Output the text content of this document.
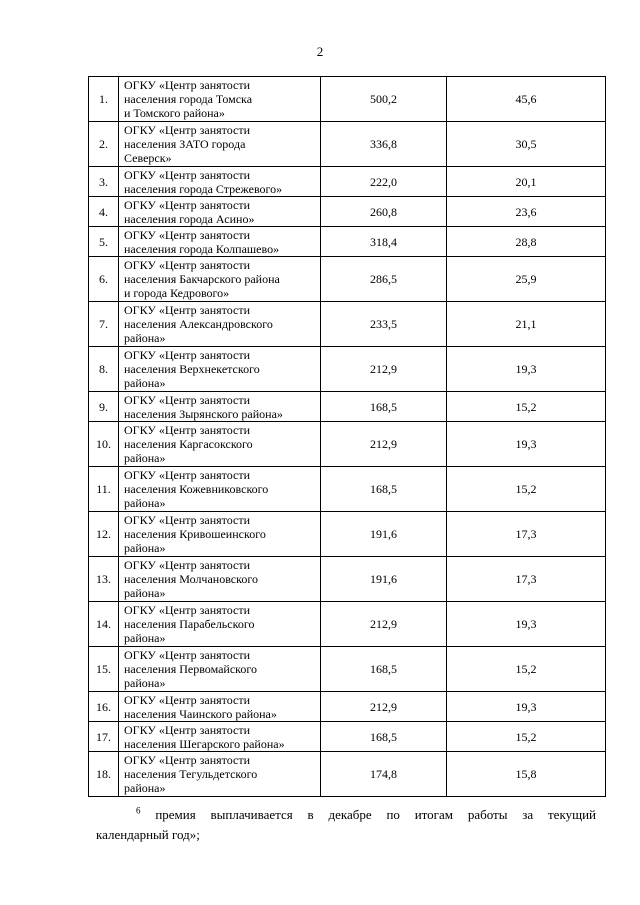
2
1.	ОГКУ «Центр занятости
населения города Томска
и Томского района»	500,2	45,6
2.	ОГКУ «Центр занятости
населения ЗАТО города
Северск»	336,8	30,5
3.	ОГКУ «Центр занятости
населения города Стрежевого»	222,0	20,1
4.	ОГКУ «Центр занятости
населения города Асино»	260,8	23,6
5.	ОГКУ «Центр занятости
населения города Колпашево»	318,4	28,8
6.	ОГКУ «Центр занятости
населения Бакчарского района
и города Кедрового»	286,5	25,9
7.	ОГКУ «Центр занятости
населения Александровского
района»	233,5	21,1
8.	ОГКУ «Центр занятости
населения Верхнекетского
района»	212,9	19,3
9.	ОГКУ «Центр занятости
населения Зырянского района»	168,5	15,2
10.	ОГКУ «Центр занятости
населения Каргасокского
района»	212,9	19,3
11.	ОГКУ «Центр занятости
населения Кожевниковского
района»	168,5	15,2
12.	ОГКУ «Центр занятости
населения Кривошеинского
района»	191,6	17,3
13.	ОГКУ «Центр занятости
населения Молчановского
района»	191,6	17,3
14.	ОГКУ «Центр занятости
населения Парабельского
района»	212,9	19,3
15.	ОГКУ «Центр занятости
населения Первомайского
района»	168,5	15,2
16.	ОГКУ «Центр занятости
населения Чаинского района»	212,9	19,3
17.	ОГКУ «Центр занятости
населения Шегарского района»	168,5	15,2
18.	ОГКУ «Центр занятости
населения Тегульдетского
района»	174,8	15,8
$^6$ премия выплачивается в декабре по итогам работы за текущий
календарный год»;
